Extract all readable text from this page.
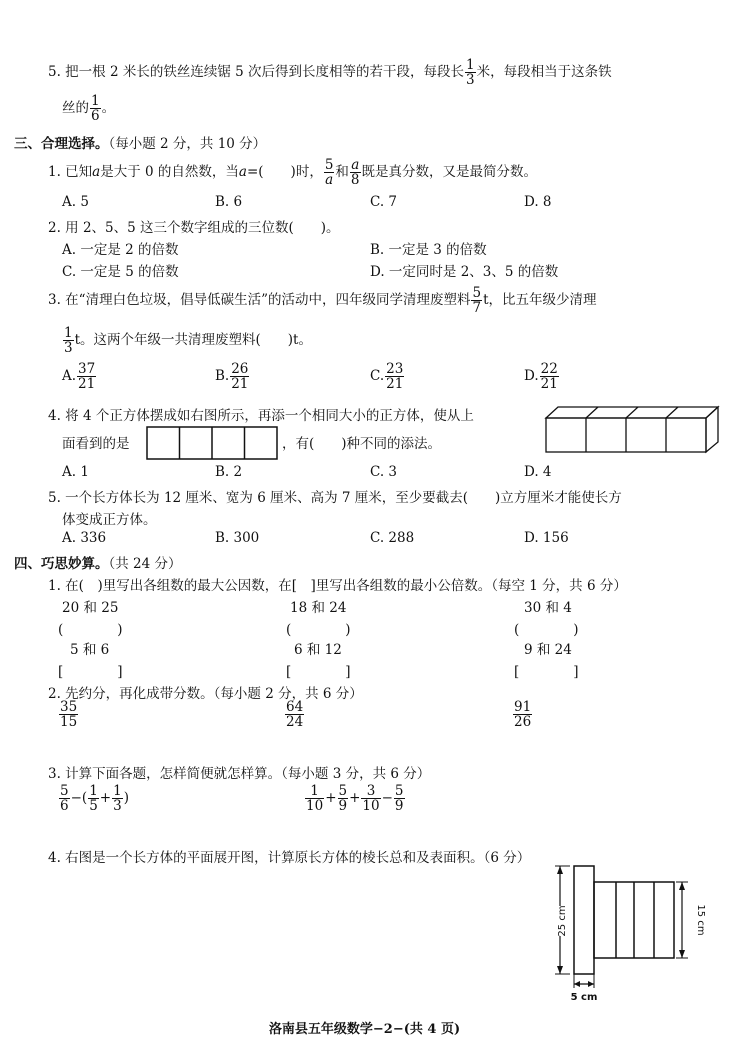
5. 把一根 2 米长的铁丝连续锯 5 次后得到长度相等的若干段，每段长 $\frac{1}{3}$ 米，每段相当于这条铁
丝的 $\frac{1}{6}$ 。
三、合理选择。（每小题 2 分，共 10 分）
1. 已知a是大于 0 的自然数，当a=(　　)时， $\frac{5}{a}$ 和 $\frac{a}{8}$ 既是真分数，又是最简分数。
A. 5	B. 6	C. 7	D. 8
2. 用 2、5、5 这三个数字组成的三位数(　　)。
A. 一定是 2 的倍数	B. 一定是 3 的倍数
C. 一定是 5 的倍数	D. 一定同时是 2、3、5 的倍数
3. 在“清理白色垃圾，倡导低碳生活”的活动中，四年级同学清理废塑料 $\frac{5}{7}$ t，比五年级少清理
$\frac{1}{3}$ t。这两个年级一共清理废塑料(　　)t。
A. $\frac{37}{21}$	B. $\frac{26}{21}$	C. $\frac{23}{21}$	D. $\frac{22}{21}$
4. 将 4 个正方体摆成如右图所示，再添一个相同大小的正方体，使从上
面看到的是	，有(　　)种不同的添法。
A. 1	B. 2	C. 3	D. 4
5. 一个长方体长为 12 厘米、宽为 6 厘米、高为 7 厘米，至少要截去(　　)立方厘米才能使长方
体变成正方体。
A. 336	B. 300	C. 288	D. 156
四、巧思妙算。（共 24 分）
1. 在(　)里写出各组数的最大公因数，在[　]里写出各组数的最小公倍数。（每空 1 分，共 6 分）
20 和 25	18 和 24	30 和 4
(　　　　)	(　　　　)	(　　　　)
5 和 6	6 和 12	9 和 24
[　　　　]	[　　　　]	[　　　　]
2. 先约分，再化成带分数。（每小题 2 分，共 6 分）
$\frac{35}{15}$	$\frac{64}{24}$	$\frac{91}{26}$
3. 计算下面各题，怎样简便就怎样算。（每小题 3 分，共 6 分）
$\frac{5}{6}$ −( $\frac{1}{5} + \frac{1}{3}$ )	$\frac{1}{10} + \frac{5}{9} + \frac{3}{10} - \frac{5}{9}$
4. 右图是一个长方体的平面展开图，计算原长方体的棱长总和及表面积。（6 分）
25 cm	15 cm
5 cm
洛南县五年级数学−2−(共 4 页)
